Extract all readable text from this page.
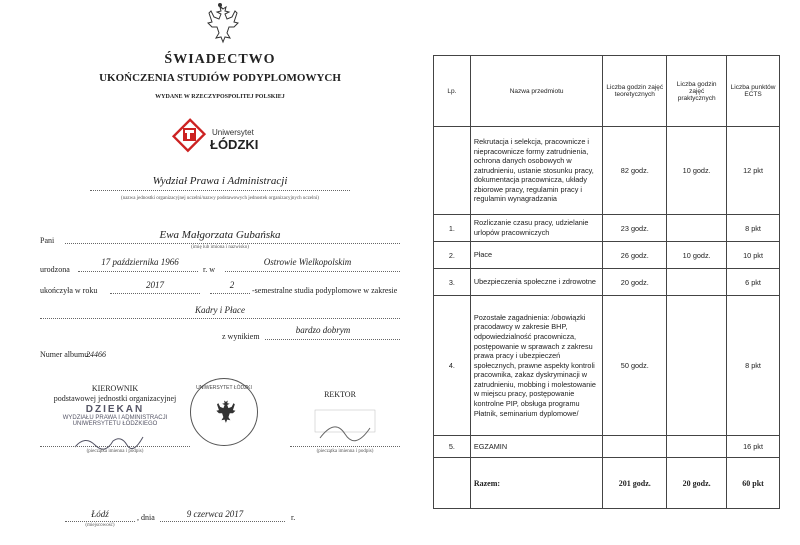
ŚWIADECTWO
UKOŃCZENIA STUDIÓW PODYPLOMOWYCH
WYDANE W RZECZYPOSPOLITEJ POLSKIEJ
Uniwersytet
ŁÓDZKI
Wydział Prawa i Administracji
(nazwa jednostki organizacyjnej uczelni/nazwy podstawowych jednostek organizacyjnych uczelni)
Pani	Ewa Małgorzata Gubańska
(imię lub imiona i nazwisko)
urodzona
17 października 1966
r. w
Ostrowie Wielkopolskim
ukończyła w roku
2017	2
-semestralne studia podyplomowe w zakresie
Kadry i Płace
z wynikiem
bardzo dobrym
Numer albumu:
24466
KIEROWNIK
podstawowej jednostki organizacyjnej
DZIEKAN
WYDZIAŁU PRAWA I ADMINISTRACJI
UNIWERSYTETU ŁÓDZKIEGO
(pieczątka imienna i podpis)
UNIWERSYTET ŁÓDZKI
REKTOR
(pieczątka imienna i podpis)
Łódź
(miejscowość)
, dnia	9 czerwca 2017	r.
Lp.	Nazwa przedmiotu	Liczba godzin zajęć teoretycznych	Liczba godzin zajęć praktycznych	Liczba punktów ECTS
	Rekrutacja i selekcja, pracownicze i niepracownicze formy zatrudnienia, ochrona danych osobowych w zatrudnieniu, ustanie stosunku pracy, dokumentacja pracownicza, układy zbiorowe pracy, regulamin pracy i regulamin wynagradzania	82 godz.	10 godz.	12 pkt
1.	Rozliczanie czasu pracy, udzielanie urlopów pracowniczych	23 godz.		8 pkt
2.	Płace	26 godz.	10 godz.	10 pkt
3.	Ubezpieczenia społeczne i zdrowotne	20 godz.		6 pkt
4.	Pozostałe zagadnienia: /obowiązki pracodawcy w zakresie BHP, odpowiedzialność pracownicza, postępowanie w sprawach z zakresu prawa pracy i ubezpieczeń społecznych, prawne aspekty kontroli pracownika, zakaz dyskryminacji w zatrudnieniu, mobbing i molestowanie w miejscu pracy, postępowanie kontrolne PIP, obsługa programu Płatnik, seminarium dyplomowe/	50 godz.		8 pkt
5.	EGZAMIN			16 pkt
	Razem:	201 godz.	20 godz.	60 pkt
